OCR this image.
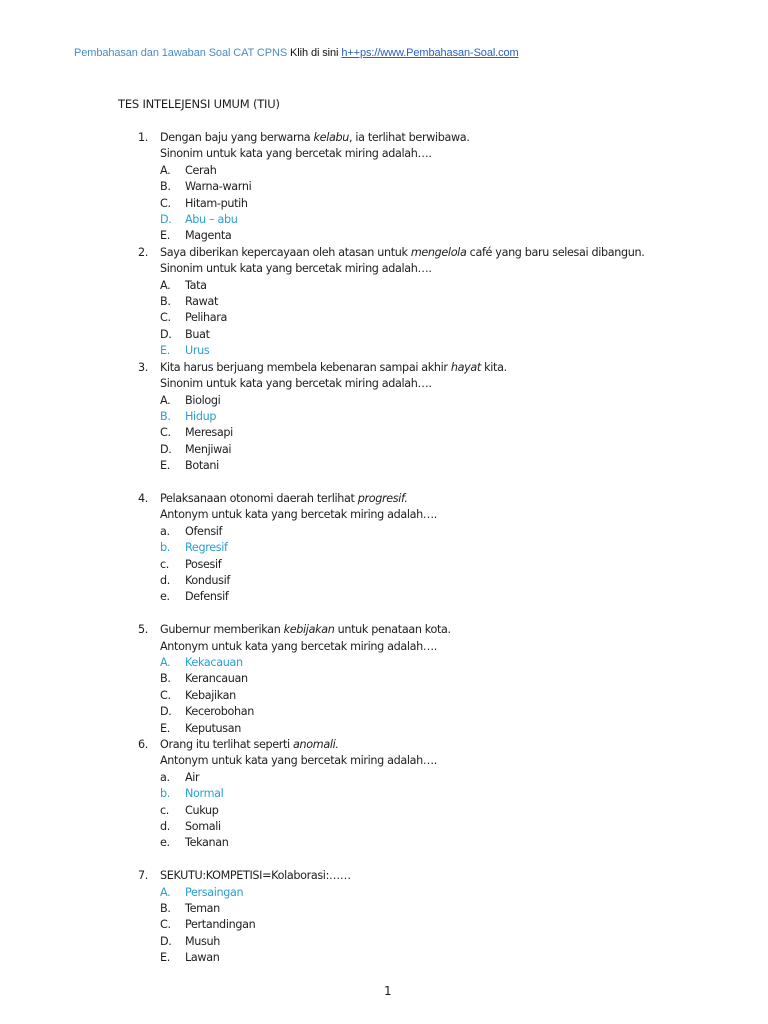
Pembahasan dan 1awaban Soal CAT CPNS Klih di sini h++ps://www.Pembahasan-Soal.com
TES INTELEJENSI UMUM (TIU)
1. Dengan baju yang berwarna kelabu, ia terlihat berwibawa.
Sinonim untuk kata yang bercetak miring adalah….
A. Cerah
B. Warna-warni
C. Hitam-putih
D. Abu – abu
E. Magenta
2. Saya diberikan kepercayaan oleh atasan untuk mengelola café yang baru selesai dibangun.
Sinonim untuk kata yang bercetak miring adalah….
A. Tata
B. Rawat
C. Pelihara
D. Buat
E. Urus
3. Kita harus berjuang membela kebenaran sampai akhir hayat kita.
Sinonim untuk kata yang bercetak miring adalah….
A. Biologi
B. Hidup
C. Meresapi
D. Menjiwai
E. Botani
4. Pelaksanaan otonomi daerah terlihat progresif.
Antonym untuk kata yang bercetak miring adalah….
a. Ofensif
b. Regresif
c. Posesif
d. Kondusif
e. Defensif
5. Gubernur memberikan kebijakan untuk penataan kota.
Antonym untuk kata yang bercetak miring adalah….
A. Kekacauan
B. Kerancauan
C. Kebajikan
D. Kecerobohan
E. Keputusan
6. Orang itu terlihat seperti anomali.
Antonym untuk kata yang bercetak miring adalah….
a. Air
b. Normal
c. Cukup
d. Somali
e. Tekanan
7. SEKUTU:KOMPETISI=Kolaborasi:……
A. Persaingan
B. Teman
C. Pertandingan
D. Musuh
E. Lawan
1
